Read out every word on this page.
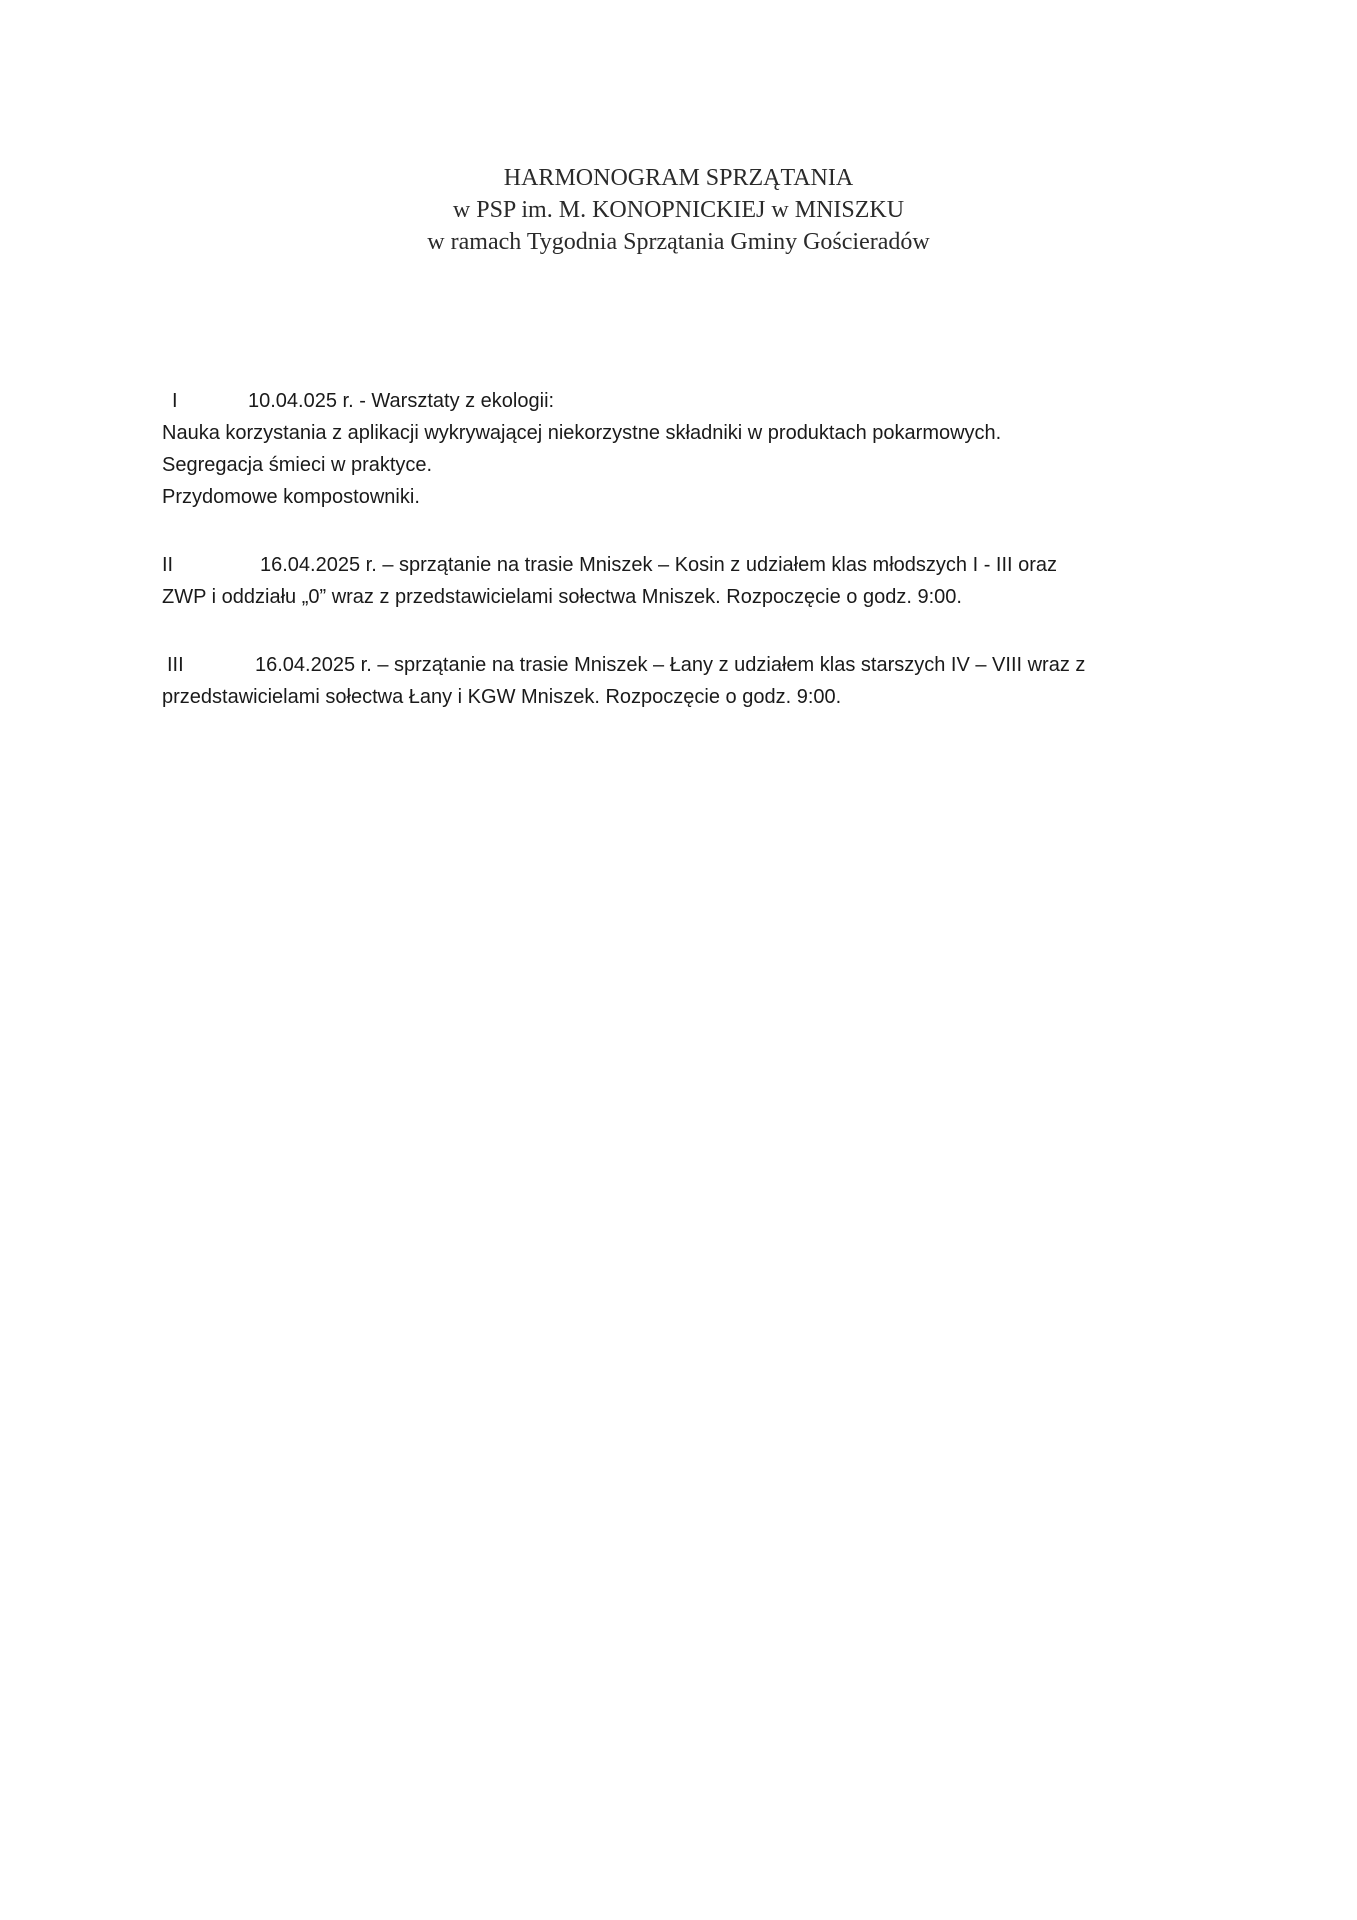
HARMONOGRAM SPRZĄTANIA
w PSP im. M. KONOPNICKIEJ w MNISZKU
w ramach Tygodnia Sprzątania Gminy Gościeradów
I	10.04.025 r. - Warsztaty z ekologii:
Nauka korzystania z aplikacji wykrywającej niekorzystne składniki w produktach pokarmowych.
Segregacja śmieci w praktyce.
Przydomowe kompostowniki.
II	16.04.2025 r. – sprzątanie na trasie Mniszek – Kosin z udziałem klas młodszych I - III oraz
ZWP i oddziału „0” wraz z przedstawicielami sołectwa Mniszek. Rozpoczęcie o godz. 9:00.
III	16.04.2025 r. – sprzątanie na trasie Mniszek – Łany z udziałem klas starszych IV – VIII wraz z
przedstawicielami sołectwa Łany i KGW Mniszek. Rozpoczęcie o godz. 9:00.
